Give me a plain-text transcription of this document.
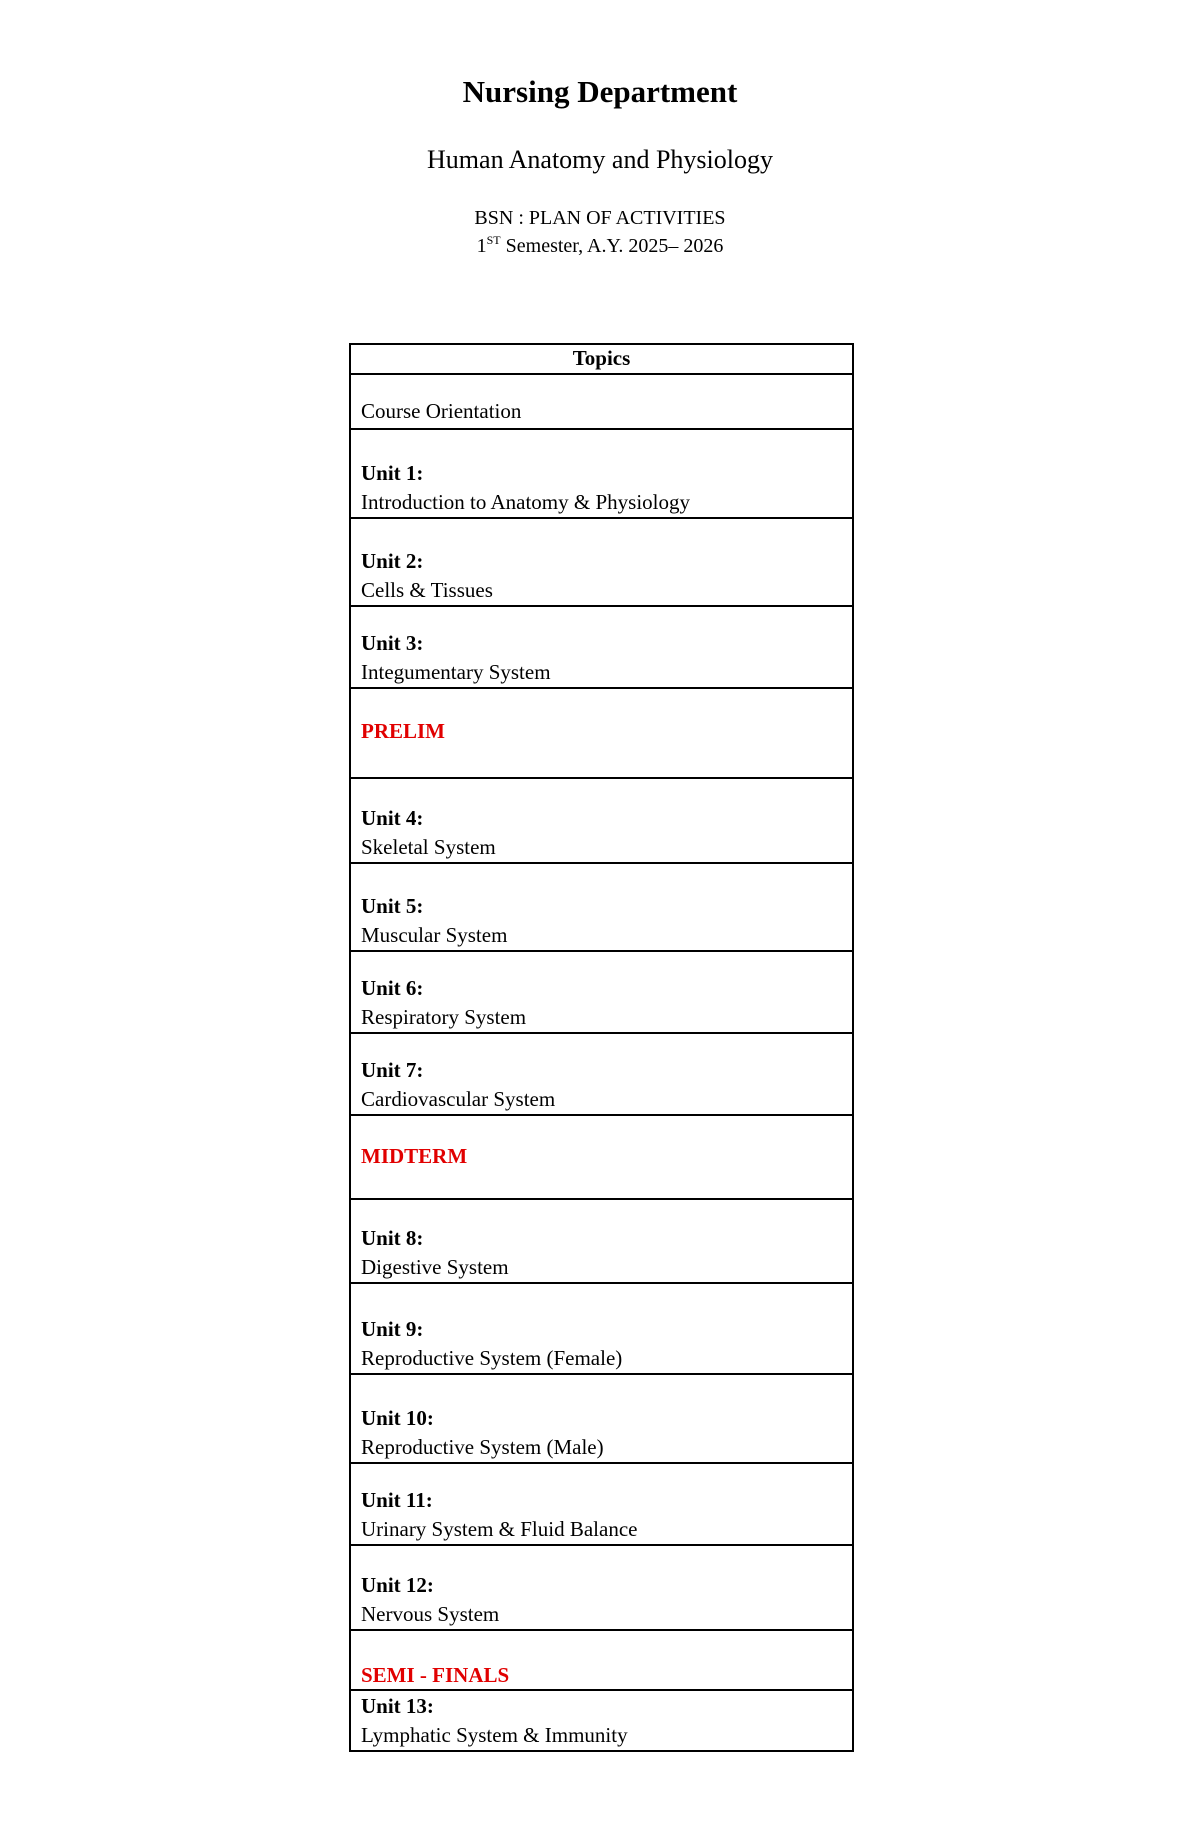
Nursing Department
Human Anatomy and Physiology
BSN : PLAN OF ACTIVITIES
1ST Semester, A.Y. 2025– 2026
Topics
Course Orientation
Unit 1:
Introduction to Anatomy & Physiology
Unit 2:
Cells & Tissues
Unit 3:
Integumentary System
PRELIM
Unit 4:
Skeletal System
Unit 5:
Muscular System
Unit 6:
Respiratory System
Unit 7:
Cardiovascular System
MIDTERM
Unit 8:
Digestive System
Unit 9:
Reproductive System (Female)
Unit 10:
Reproductive System (Male)
Unit 11:
Urinary System & Fluid Balance
Unit 12:
Nervous System
SEMI - FINALS
Unit 13:
Lymphatic System & Immunity
